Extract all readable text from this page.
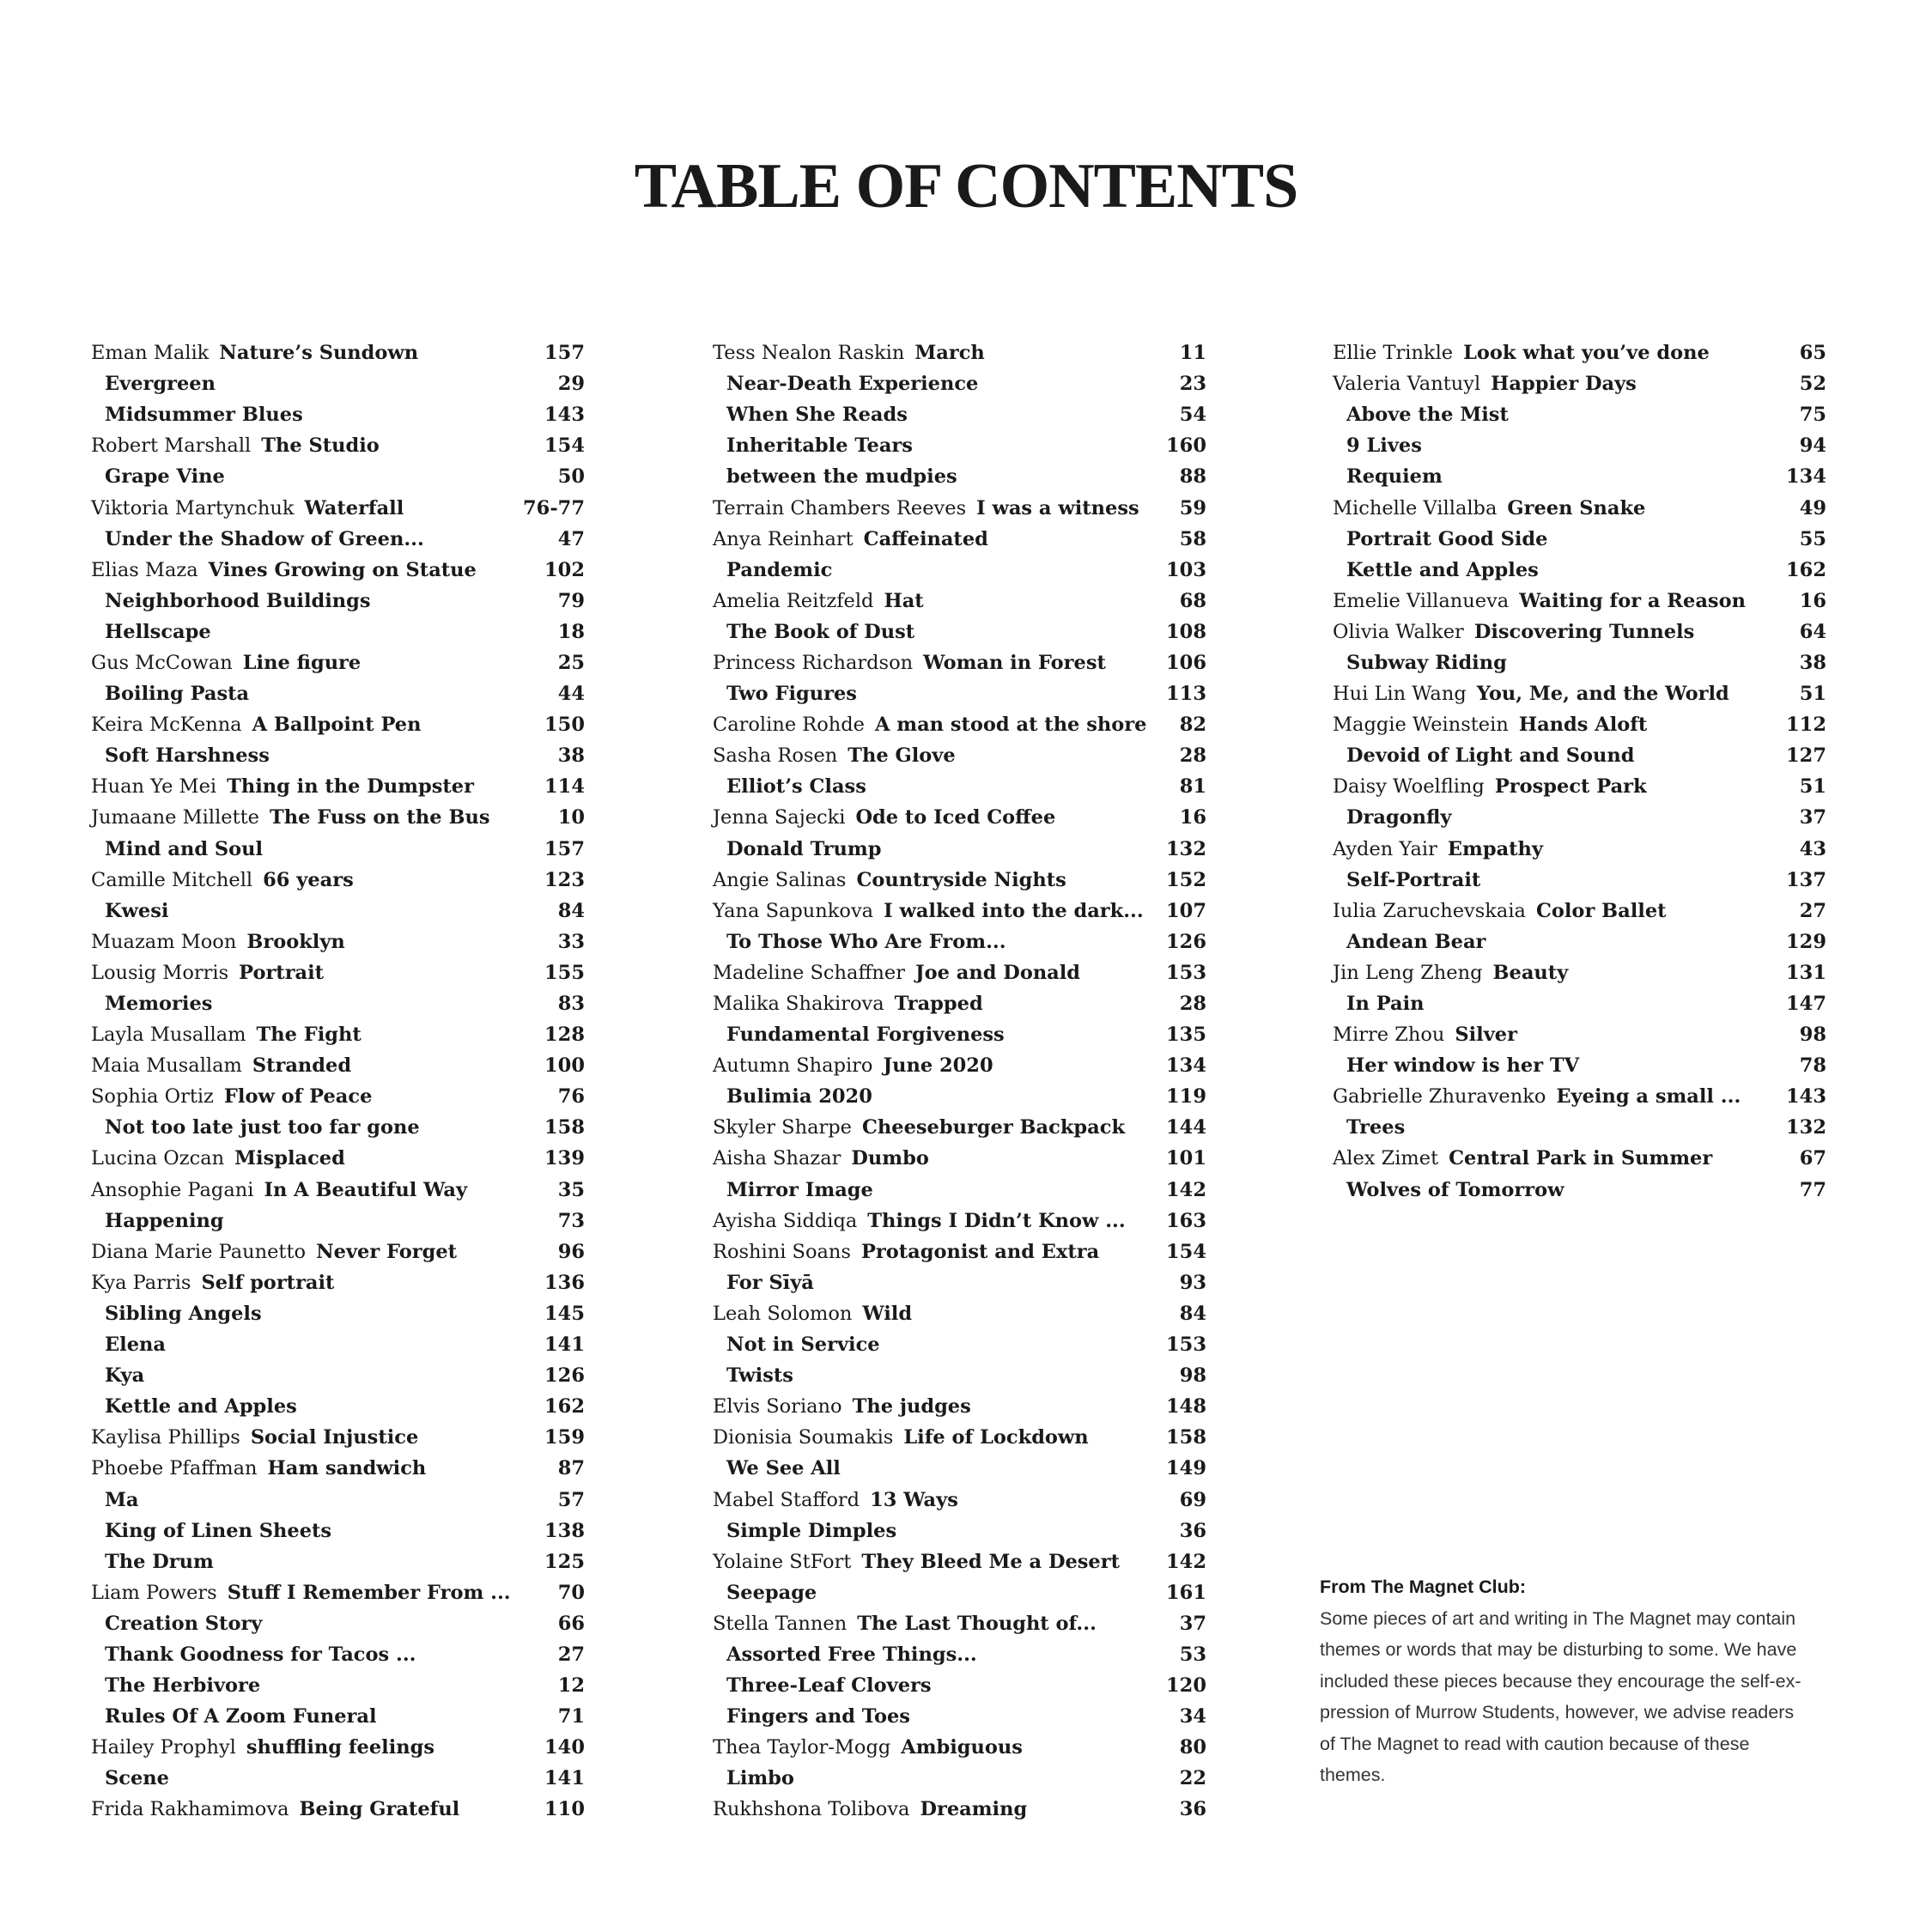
TABLE OF CONTENTS
Eman Malik Nature’s Sundown	157
Evergreen	29
Midsummer Blues	143
Robert Marshall The Studio	154
Grape Vine	50
Viktoria Martynchuk Waterfall	76-77
Under the Shadow of Green...	47
Elias Maza Vines Growing on Statue	102
Neighborhood Buildings	79
Hellscape	18
Gus McCowan Line figure	25
Boiling Pasta	44
Keira McKenna A Ballpoint Pen	150
Soft Harshness	38
Huan Ye Mei Thing in the Dumpster	114
Jumaane Millette The Fuss on the Bus	10
Mind and Soul	157
Camille Mitchell 66 years	123
Kwesi	84
Muazam Moon Brooklyn	33
Lousig Morris Portrait	155
Memories	83
Layla Musallam The Fight	128
Maia Musallam Stranded	100
Sophia Ortiz Flow of Peace	76
Not too late just too far gone	158
Lucina Ozcan Misplaced	139
Ansophie Pagani In A Beautiful Way	35
Happening	73
Diana Marie Paunetto Never Forget	96
Kya Parris Self portrait	136
Sibling Angels	145
Elena	141
Kya	126
Kettle and Apples	162
Kaylisa Phillips Social Injustice	159
Phoebe Pfaffman Ham sandwich	87
Ma	57
King of Linen Sheets	138
The Drum	125
Liam Powers Stuff I Remember From ... 70
Creation Story	66
Thank Goodness for Tacos ...	27
The Herbivore	12
Rules Of A Zoom Funeral	71
Hailey Prophyl shuffling feelings	140
Scene	141
Frida Rakhamimova Being Grateful	110
Tess Nealon Raskin March	11
Near-Death Experience	23
When She Reads	54
Inheritable Tears	160
between the mudpies	88
Terrain Chambers Reeves I was a witness 59
Anya Reinhart Caffeinated	58
Pandemic	103
Amelia Reitzfeld Hat	68
The Book of Dust	108
Princess Richardson Woman in Forest	106
Two Figures	113
Caroline Rohde A man stood at the shore 82
Sasha Rosen The Glove	28
Elliot’s Class	81
Jenna Sajecki Ode to Iced Coffee	16
Donald Trump	132
Angie Salinas Countryside Nights	152
Yana Sapunkova I walked into the dark... 107
To Those Who Are From...	126
Madeline Schaffner Joe and Donald	153
Malika Shakirova Trapped	28
Fundamental Forgiveness	135
Autumn Shapiro June 2020	134
Bulimia 2020	119
Skyler Sharpe Cheeseburger Backpack 144
Aisha Shazar Dumbo	101
Mirror Image	142
Ayisha Siddiqa Things I Didn’t Know ... 163
Roshini Soans Protagonist and Extra	154
For Sīyā	93
Leah Solomon Wild	84
Not in Service	153
Twists	98
Elvis Soriano The judges	148
Dionisia Soumakis Life of Lockdown	158
We See All	149
Mabel Stafford 13 Ways	69
Simple Dimples	36
Yolaine StFort They Bleed Me a Desert 142
Seepage	161
Stella Tannen The Last Thought of...	37
Assorted Free Things...	53
Three-Leaf Clovers	120
Fingers and Toes	34
Thea Taylor-Mogg Ambiguous	80
Limbo	22
Rukhshona Tolibova Dreaming	36
Ellie Trinkle Look what you’ve done	65
Valeria Vantuyl Happier Days	52
Above the Mist	75
9 Lives	94
Requiem	134
Michelle Villalba Green Snake	49
Portrait Good Side	55
Kettle and Apples	162
Emelie Villanueva Waiting for a Reason	16
Olivia Walker Discovering Tunnels	64
Subway Riding	38
Hui Lin Wang You, Me, and the World	51
Maggie Weinstein Hands Aloft	112
Devoid of Light and Sound	127
Daisy Woelfling Prospect Park	51
Dragonfly	37
Ayden Yair Empathy	43
Self-Portrait	137
Iulia Zaruchevskaia Color Ballet	27
Andean Bear	129
Jin Leng Zheng Beauty	131
In Pain	147
Mirre Zhou Silver	98
Her window is her TV	78
Gabrielle Zhuravenko Eyeing a small ... 143
Trees	132
Alex Zimet Central Park in Summer	67
Wolves of Tomorrow	77

From The Magnet Club:

Some pieces of art and writing in The Magnet may contain

themes or words that may be disturbing to some. We have

included these pieces because they encourage the self-ex-

pression of Murrow Students, however, we advise readers

of The Magnet to read with caution because of these

themes.
